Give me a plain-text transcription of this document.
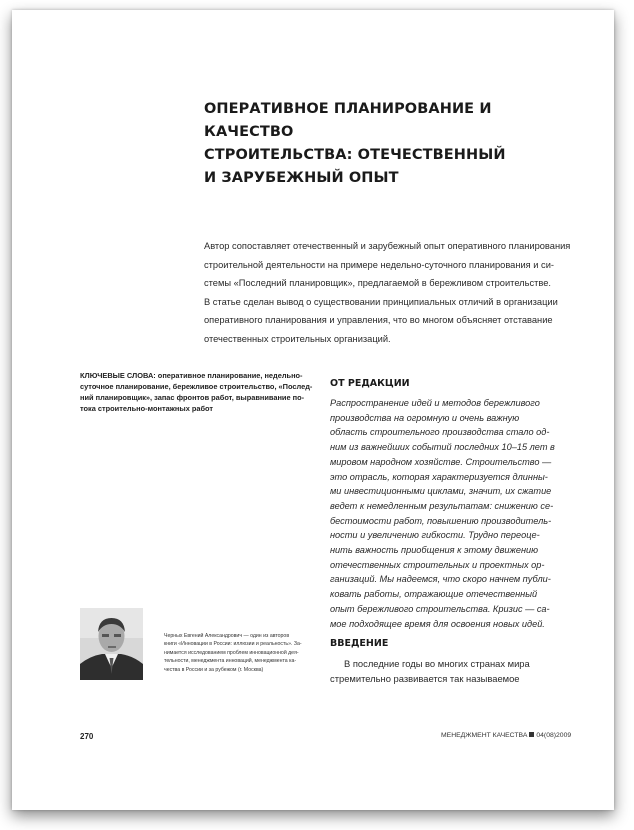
ОПЕРАТИВНОЕ ПЛАНИРОВАНИЕ И КАЧЕСТВО
СТРОИТЕЛЬСТВА: ОТЕЧЕСТВЕННЫЙ
И ЗАРУБЕЖНЫЙ ОПЫТ
Автор сопоставляет отечественный и зарубежный опыт оперативного планирования
строительной деятельности на примере недельно-суточного планирования и си-
стемы «Последний планировщик», предлагаемой в бережливом строительстве.
В статье сделан вывод о существовании принципиальных отличий в организации
оперативного планирования и управления, что во многом объясняет отставание
отечественных строительных организаций.
КЛЮЧЕВЫЕ СЛОВА: оперативное планирование, недельно-
суточное планирование, бережливое строительство, «Послед-
ний планировщик», запас фронтов работ, выравнивание по-
тока строительно-монтажных работ
ОТ РЕДАКЦИИ
Распространение идей и методов бережливого
производства на огромную и очень важную
область строительного производства стало од-
ним из важнейших событий последних 10–15 лет в
мировом народном хозяйстве. Строительство —
это отрасль, которая характеризуется длинны-
ми инвестиционными циклами, значит, их сжатие
ведет к немедленным результатам: снижению се-
бестоимости работ, повышению производитель-
ности и увеличению гибкости. Трудно переоце-
нить важность приобщения к этому движению
отечественных строительных и проектных ор-
ганизаций. Мы надеемся, что скоро начнем публи-
ковать работы, отражающие отечественный
опыт бережливого строительства. Кризис — са-
мое подходящее время для освоения новых идей.
ВВЕДЕНИЕ
В последние годы во многих странах мира
стремительно развивается так называемое
Черных Евгений Александрович — один из авторов
книги «Инновации в России: иллюзии и реальность». За-
нимается исследованием проблем инновационной дея-
тельности, менеджмента инноваций, менеджмента ка-
чества в России и за рубежом (г. Москва)
270	МЕНЕДЖМЕНТ КАЧЕСТВА 04(08)2009
